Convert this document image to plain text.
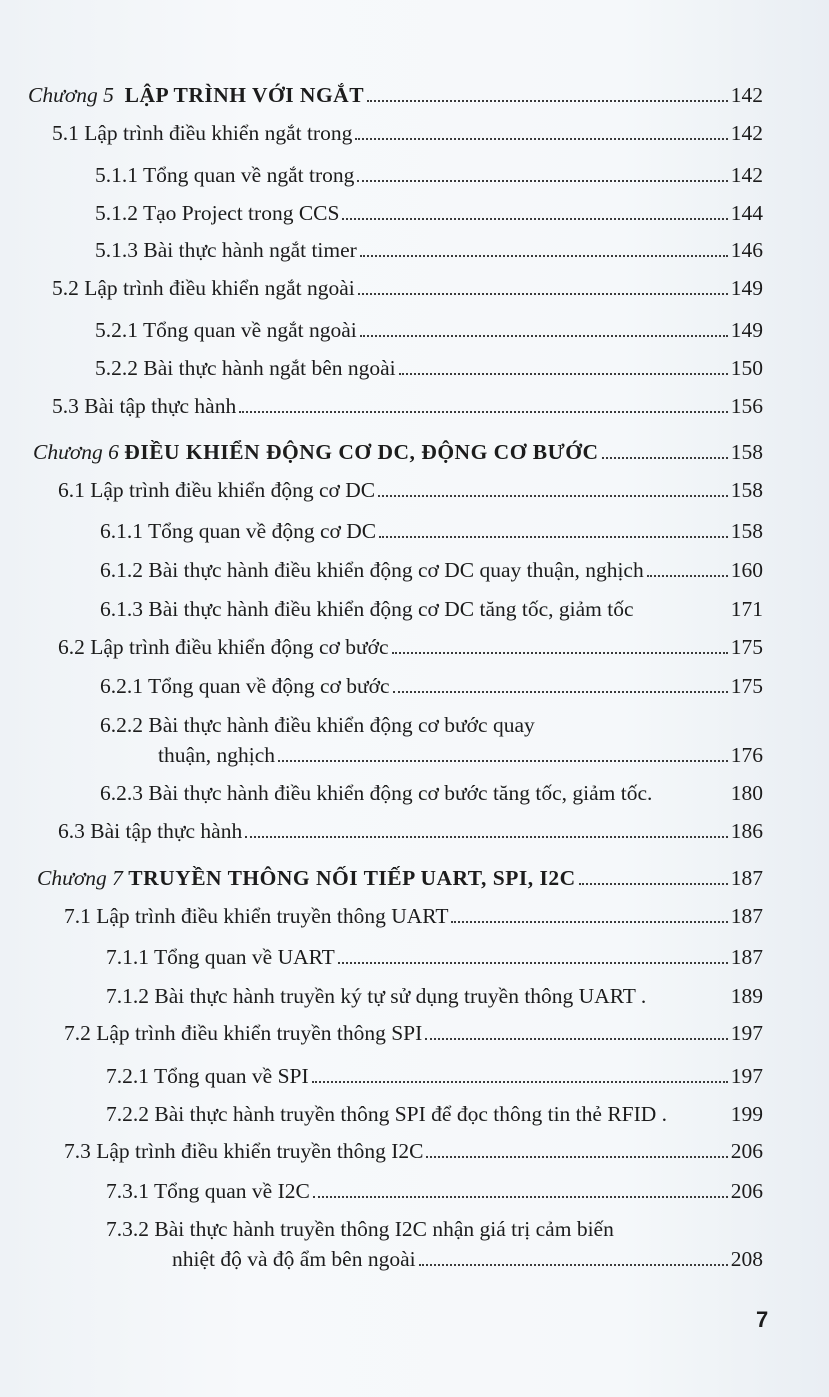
Chương 5 LẬP TRÌNH VỚI NGẮT	142
5.1 Lập trình điều khiển ngắt trong	142
5.1.1 Tổng quan về ngắt trong	142
5.1.2 Tạo Project trong CCS	144
5.1.3 Bài thực hành ngắt timer	146
5.2 Lập trình điều khiển ngắt ngoài	149
5.2.1 Tổng quan về ngắt ngoài	149
5.2.2 Bài thực hành ngắt bên ngoài	150
5.3 Bài tập thực hành	156
Chương 6 ĐIỀU KHIỂN ĐỘNG CƠ DC, ĐỘNG CƠ BƯỚC	158
6.1 Lập trình điều khiển động cơ DC	158
6.1.1 Tổng quan về động cơ DC	158
6.1.2 Bài thực hành điều khiển động cơ DC quay thuận, nghịch	160
6.1.3 Bài thực hành điều khiển động cơ DC tăng tốc, giảm tốc	171
6.2 Lập trình điều khiển động cơ bước	175
6.2.1 Tổng quan về động cơ bước	175
6.2.2 Bài thực hành điều khiển động cơ bước quay
thuận, nghịch	176
6.2.3 Bài thực hành điều khiển động cơ bước tăng tốc, giảm tốc.	180
6.3 Bài tập thực hành	186
Chương 7 TRUYỀN THÔNG NỐI TIẾP UART, SPI, I2C	187
7.1 Lập trình điều khiển truyền thông UART	187
7.1.1 Tổng quan về UART	187
7.1.2 Bài thực hành truyền ký tự sử dụng truyền thông UART .	189
7.2 Lập trình điều khiển truyền thông SPI	197
7.2.1 Tổng quan về SPI	197
7.2.2 Bài thực hành truyền thông SPI để đọc thông tin thẻ RFID .	199
7.3 Lập trình điều khiển truyền thông I2C	206
7.3.1 Tổng quan về I2C	206
7.3.2 Bài thực hành truyền thông I2C nhận giá trị cảm biến
nhiệt độ và độ ẩm bên ngoài	208
7
